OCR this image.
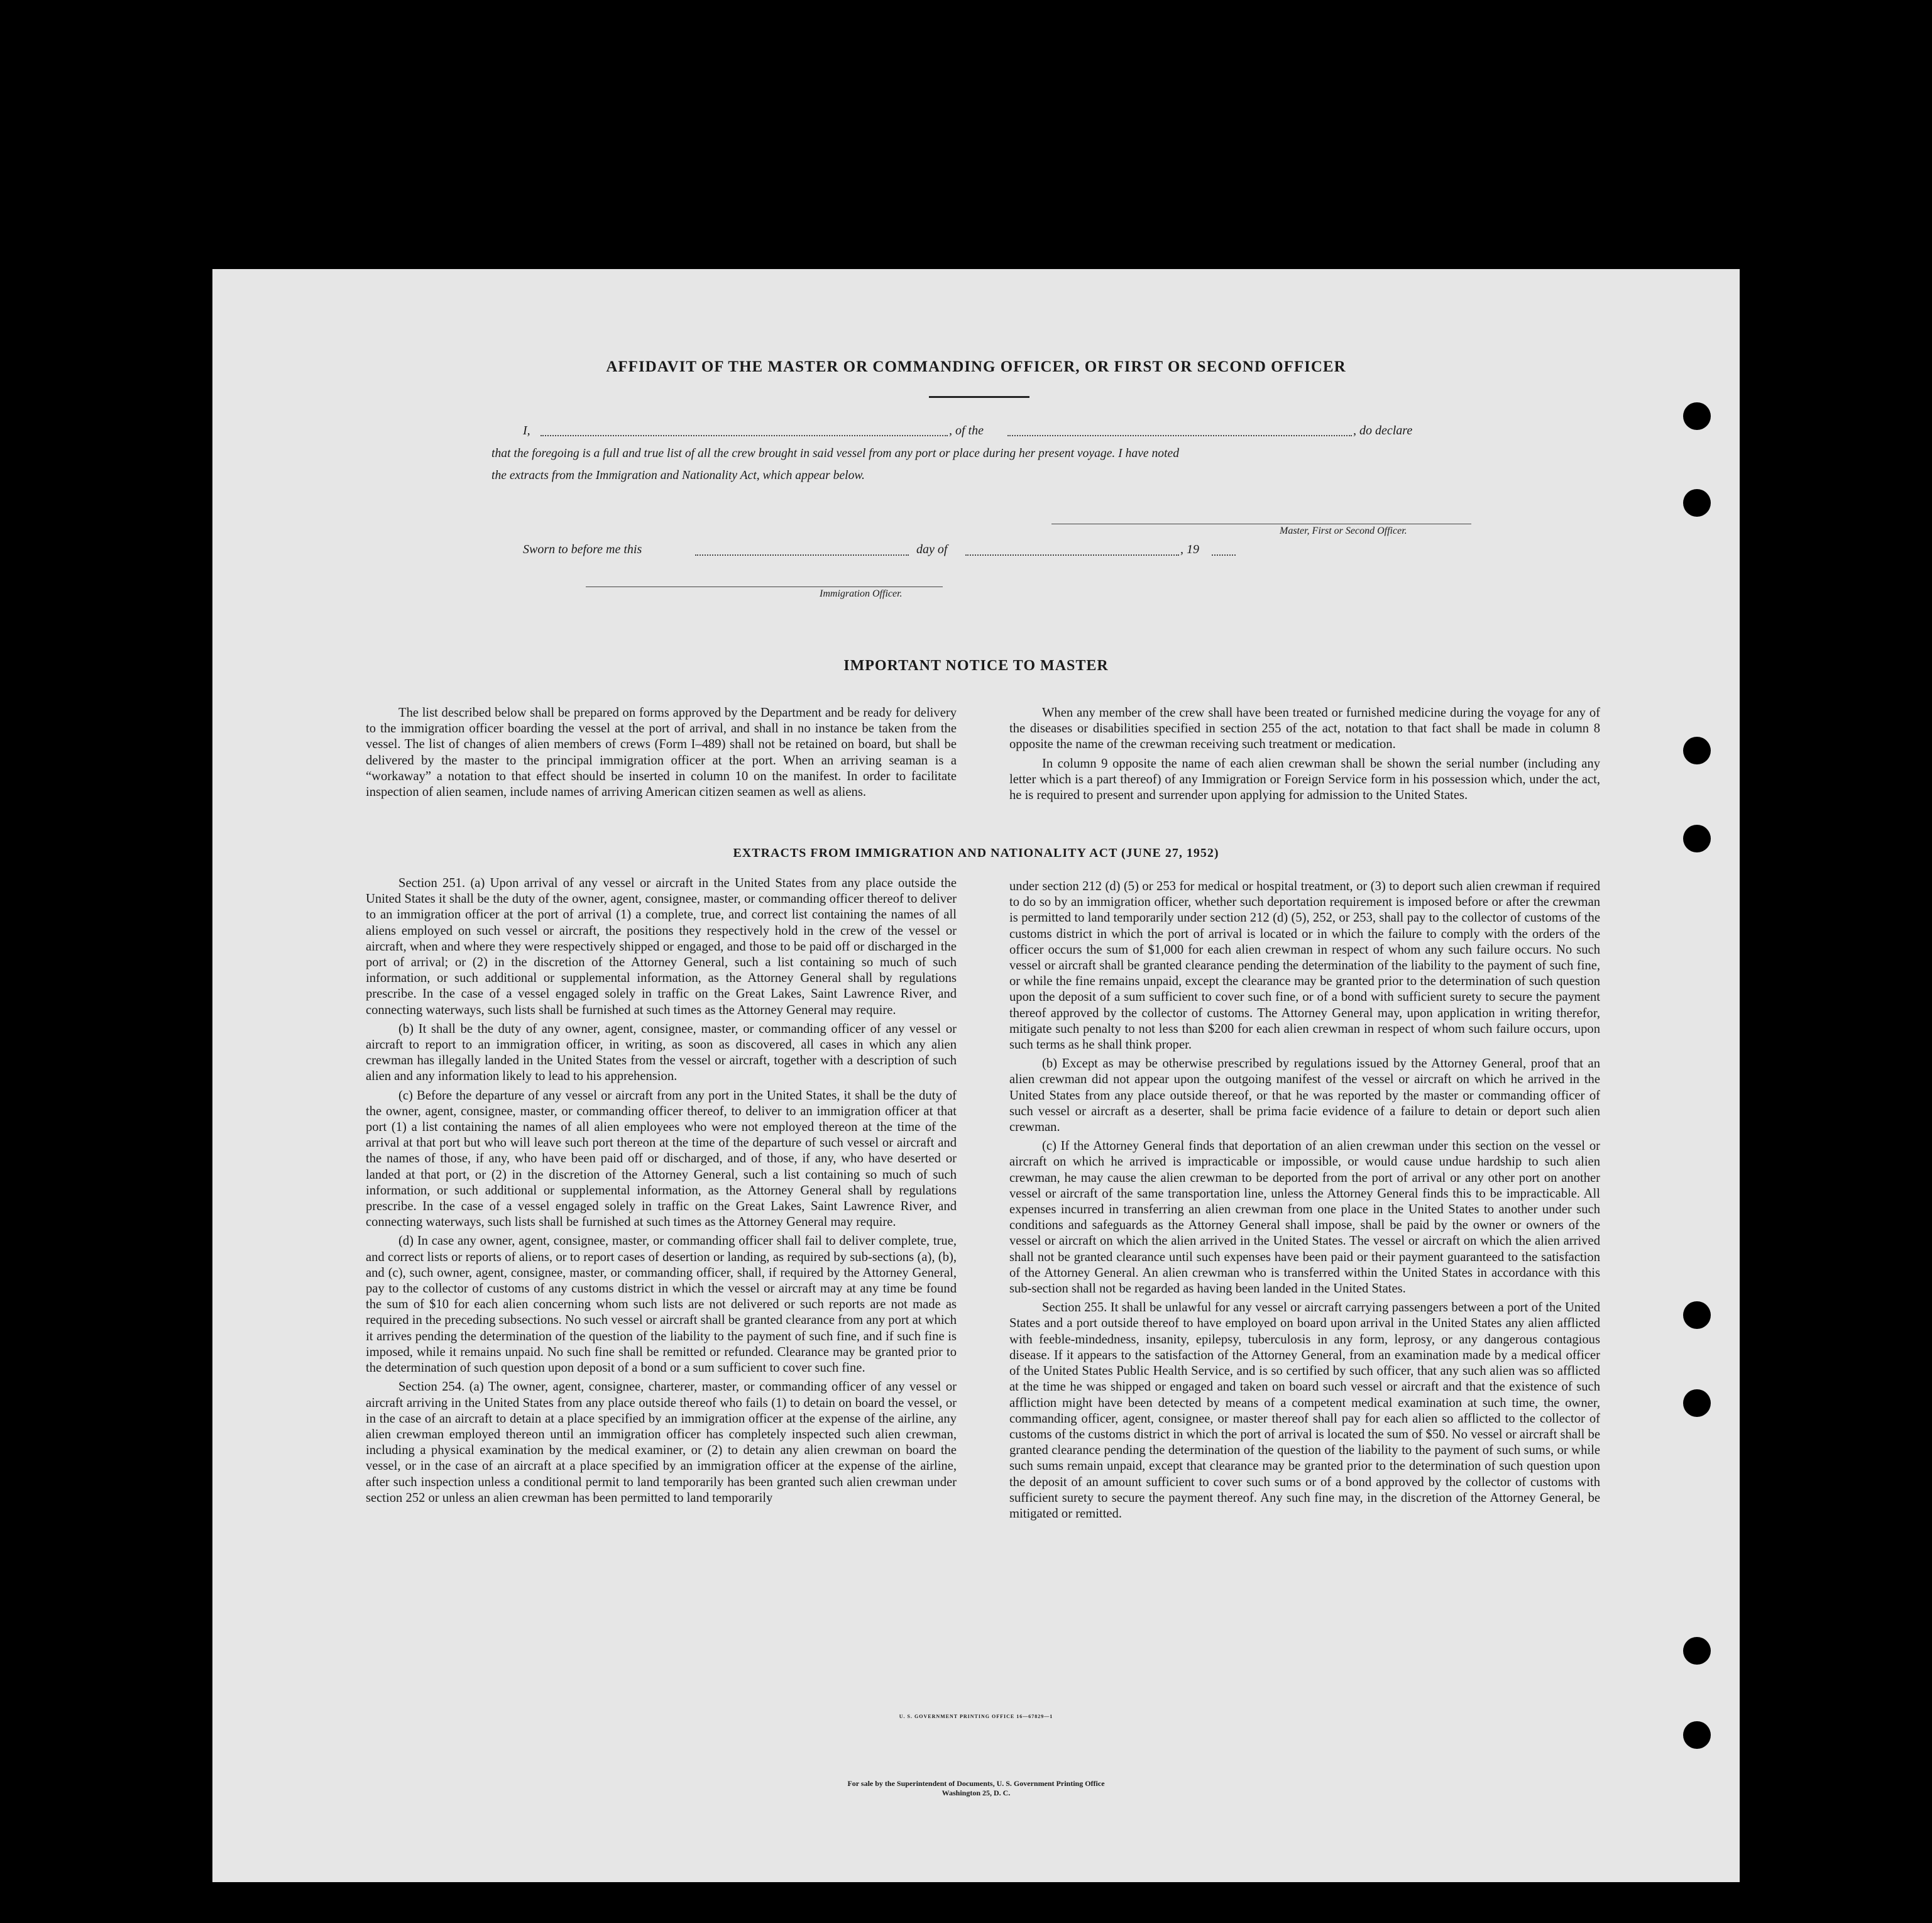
AFFIDAVIT OF THE MASTER OR COMMANDING OFFICER, OR FIRST OR SECOND OFFICER
I,	, of the	, do declare
that the foregoing is a full and true list of all the crew brought in said vessel from any port or place during her present voyage. I have noted
the extracts from the Immigration and Nationality Act, which appear below.
Master, First or Second Officer.
Sworn to before me this	day of	, 19
Immigration Officer.
IMPORTANT NOTICE TO MASTER

The list described below shall be prepared on forms approved by the Department and be ready for delivery to the immigration officer boarding the vessel at the port of arrival, and shall in no instance be taken from the vessel. The list of changes of alien members of crews (Form I–489) shall not be retained on board, but shall be delivered by the master to the principal immigration officer at the port. When an arriving seaman is a “workaway” a notation to that effect should be inserted in column 10 on the manifest. In order to facilitate inspection of alien seamen, include names of arriving American citizen seamen as well as aliens.

When any member of the crew shall have been treated or furnished medicine during the voyage for any of the diseases or disabilities specified in section 255 of the act, notation to that fact shall be made in column 8 opposite the name of the crewman receiving such treatment or medication.

In column 9 opposite the name of each alien crewman shall be shown the serial number (including any letter which is a part thereof) of any Immigration or Foreign Service form in his possession which, under the act, he is required to present and surrender upon applying for admission to the United States.

EXTRACTS FROM IMMIGRATION AND NATIONALITY ACT (JUNE 27, 1952)

Section 251. (a) Upon arrival of any vessel or aircraft in the United States from any place outside the United States it shall be the duty of the owner, agent, consignee, master, or commanding officer thereof to deliver to an immigration officer at the port of arrival (1) a complete, true, and correct list containing the names of all aliens employed on such vessel or aircraft, the positions they respectively hold in the crew of the vessel or aircraft, when and where they were respectively shipped or engaged, and those to be paid off or discharged in the port of arrival; or (2) in the discretion of the Attorney General, such a list containing so much of such information, or such additional or supplemental information, as the Attorney General shall by regulations prescribe. In the case of a vessel engaged solely in traffic on the Great Lakes, Saint Lawrence River, and connecting waterways, such lists shall be furnished at such times as the Attorney General may require.

(b) It shall be the duty of any owner, agent, consignee, master, or commanding officer of any vessel or aircraft to report to an immigration officer, in writing, as soon as discovered, all cases in which any alien crewman has illegally landed in the United States from the vessel or aircraft, together with a description of such alien and any information likely to lead to his apprehension.

(c) Before the departure of any vessel or aircraft from any port in the United States, it shall be the duty of the owner, agent, consignee, master, or commanding officer thereof, to deliver to an immigration officer at that port (1) a list containing the names of all alien employees who were not employed thereon at the time of the arrival at that port but who will leave such port thereon at the time of the departure of such vessel or aircraft and the names of those, if any, who have been paid off or discharged, and of those, if any, who have deserted or landed at that port, or (2) in the discretion of the Attorney General, such a list containing so much of such information, or such additional or supplemental information, as the Attorney General shall by regulations prescribe. In the case of a vessel engaged solely in traffic on the Great Lakes, Saint Lawrence River, and connecting waterways, such lists shall be furnished at such times as the Attorney General may require.

(d) In case any owner, agent, consignee, master, or commanding officer shall fail to deliver complete, true, and correct lists or reports of aliens, or to report cases of desertion or landing, as required by sub-sections (a), (b), and (c), such owner, agent, consignee, master, or commanding officer, shall, if required by the Attorney General, pay to the collector of customs of any customs district in which the vessel or aircraft may at any time be found the sum of $10 for each alien concerning whom such lists are not delivered or such reports are not made as required in the preceding subsections. No such vessel or aircraft shall be granted clearance from any port at which it arrives pending the determination of the question of the liability to the payment of such fine, and if such fine is imposed, while it remains unpaid. No such fine shall be remitted or refunded. Clearance may be granted prior to the determination of such question upon deposit of a bond or a sum sufficient to cover such fine.

Section 254. (a) The owner, agent, consignee, charterer, master, or commanding officer of any vessel or aircraft arriving in the United States from any place outside thereof who fails (1) to detain on board the vessel, or in the case of an aircraft to detain at a place specified by an immigration officer at the expense of the airline, any alien crewman employed thereon until an immigration officer has completely inspected such alien crewman, including a physical examination by the medical examiner, or (2) to detain any alien crewman on board the vessel, or in the case of an aircraft at a place specified by an immigration officer at the expense of the airline, after such inspection unless a conditional permit to land temporarily has been granted such alien crewman under section 252 or unless an alien crewman has been permitted to land temporarily

under section 212 (d) (5) or 253 for medical or hospital treatment, or (3) to deport such alien crewman if required to do so by an immigration officer, whether such deportation requirement is imposed before or after the crewman is permitted to land temporarily under section 212 (d) (5), 252, or 253, shall pay to the collector of customs of the customs district in which the port of arrival is located or in which the failure to comply with the orders of the officer occurs the sum of $1,000 for each alien crewman in respect of whom any such failure occurs. No such vessel or aircraft shall be granted clearance pending the determination of the liability to the payment of such fine, or while the fine remains unpaid, except the clearance may be granted prior to the determination of such question upon the deposit of a sum sufficient to cover such fine, or of a bond with sufficient surety to secure the payment thereof approved by the collector of customs. The Attorney General may, upon application in writing therefor, mitigate such penalty to not less than $200 for each alien crewman in respect of whom such failure occurs, upon such terms as he shall think proper.

(b) Except as may be otherwise prescribed by regulations issued by the Attorney General, proof that an alien crewman did not appear upon the outgoing manifest of the vessel or aircraft on which he arrived in the United States from any place outside thereof, or that he was reported by the master or commanding officer of such vessel or aircraft as a deserter, shall be prima facie evidence of a failure to detain or deport such alien crewman.

(c) If the Attorney General finds that deportation of an alien crewman under this section on the vessel or aircraft on which he arrived is impracticable or impossible, or would cause undue hardship to such alien crewman, he may cause the alien crewman to be deported from the port of arrival or any other port on another vessel or aircraft of the same transportation line, unless the Attorney General finds this to be impracticable. All expenses incurred in transferring an alien crewman from one place in the United States to another under such conditions and safeguards as the Attorney General shall impose, shall be paid by the owner or owners of the vessel or aircraft on which the alien arrived in the United States. The vessel or aircraft on which the alien arrived shall not be granted clearance until such expenses have been paid or their payment guaranteed to the satisfaction of the Attorney General. An alien crewman who is transferred within the United States in accordance with this sub-section shall not be regarded as having been landed in the United States.

Section 255. It shall be unlawful for any vessel or aircraft carrying passengers between a port of the United States and a port outside thereof to have employed on board upon arrival in the United States any alien afflicted with feeble-mindedness, insanity, epilepsy, tuberculosis in any form, leprosy, or any dangerous contagious disease. If it appears to the satisfaction of the Attorney General, from an examination made by a medical officer of the United States Public Health Service, and is so certified by such officer, that any such alien was so afflicted at the time he was shipped or engaged and taken on board such vessel or aircraft and that the existence of such affliction might have been detected by means of a competent medical examination at such time, the owner, commanding officer, agent, consignee, or master thereof shall pay for each alien so afflicted to the collector of customs of the customs district in which the port of arrival is located the sum of $50. No vessel or aircraft shall be granted clearance pending the determination of the question of the liability to the payment of such sums, or while such sums remain unpaid, except that clearance may be granted prior to the determination of such question upon the deposit of an amount sufficient to cover such sums or of a bond approved by the collector of customs with sufficient surety to secure the payment thereof. Any such fine may, in the discretion of the Attorney General, be mitigated or remitted.

U. S. GOVERNMENT PRINTING OFFICE 16—67829—1
For sale by the Superintendent of Documents, U. S. Government Printing Office
Washington 25, D. C.
